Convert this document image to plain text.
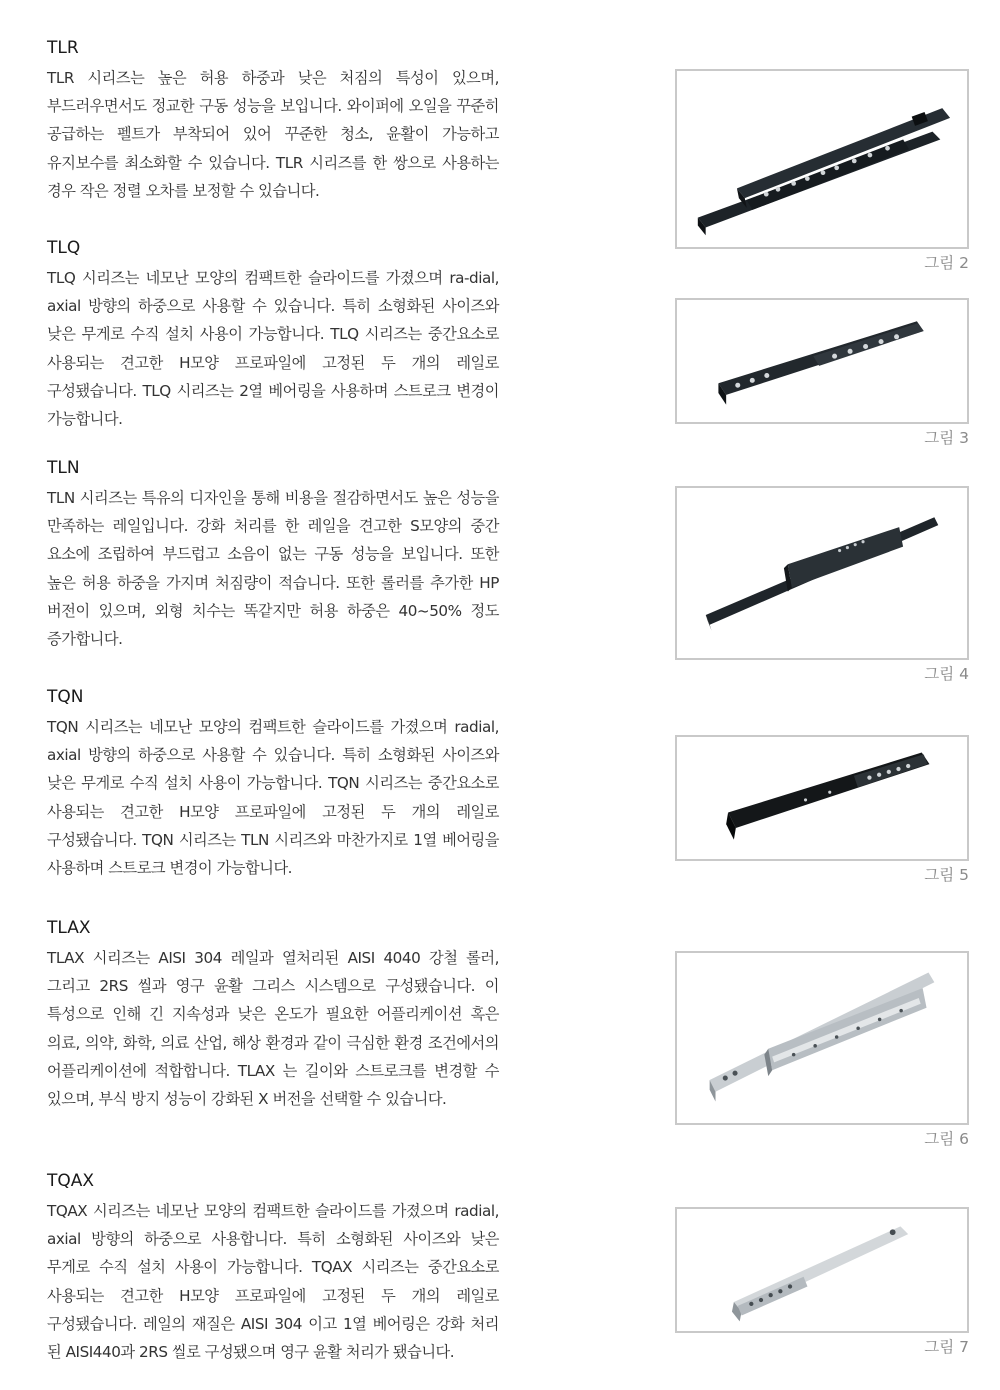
TLR

TLR 시리즈는 높은 허용 하중과 낮은 처짐의 특성이 있으며, 부드러우면서도 정교한 구동 성능을 보입니다. 와이퍼에 오일을 꾸준히 공급하는 펠트가 부착되어 있어 꾸준한 청소, 윤활이 가능하고 유지보수를 최소화할 수 있습니다. TLR 시리즈를 한 쌍으로 사용하는 경우 작은 정렬 오차를 보정할 수 있습니다.

TLQ

TLQ 시리즈는 네모난 모양의 컴팩트한 슬라이드를 가졌으며 ra-dial, axial 방향의 하중으로 사용할 수 있습니다. 특히 소형화된 사이즈와 낮은 무게로 수직 설치 사용이 가능합니다. TLQ 시리즈는 중간요소로 사용되는 견고한 H모양 프로파일에 고정된 두 개의 레일로 구성됐습니다. TLQ 시리즈는 2열 베어링을 사용하며 스트로크 변경이 가능합니다.

TLN

TLN 시리즈는 특유의 디자인을 통해 비용을 절감하면서도 높은 성능을 만족하는 레일입니다. 강화 처리를 한 레일을 견고한 S모양의 중간 요소에 조립하여 부드럽고 소음이 없는 구동 성능을 보입니다. 또한 높은 허용 하중을 가지며 처짐량이 적습니다. 또한 롤러를 추가한 HP 버전이 있으며, 외형 치수는 똑같지만 허용 하중은 40~50% 정도 증가합니다.

TQN

TQN 시리즈는 네모난 모양의 컴팩트한 슬라이드를 가졌으며 radial, axial 방향의 하중으로 사용할 수 있습니다. 특히 소형화된 사이즈와 낮은 무게로 수직 설치 사용이 가능합니다. TQN 시리즈는 중간요소로 사용되는 견고한 H모양 프로파일에 고정된 두 개의 레일로 구성됐습니다. TQN 시리즈는 TLN 시리즈와 마찬가지로 1열 베어링을 사용하며 스트로크 변경이 가능합니다.

TLAX

TLAX 시리즈는 AISI 304 레일과 열처리된 AISI 4040 강철 롤러, 그리고 2RS 씰과 영구 윤활 그리스 시스템으로 구성됐습니다. 이 특성으로 인해 긴 지속성과 낮은 온도가 필요한 어플리케이션 혹은 의료, 의약, 화학, 의료 산업, 해상 환경과 같이 극심한 환경 조건에서의 어플리케이션에 적합합니다. TLAX 는 길이와 스트로크를 변경할 수 있으며, 부식 방지 성능이 강화된 X 버전을 선택할 수 있습니다.

TQAX

TQAX 시리즈는 네모난 모양의 컴팩트한 슬라이드를 가졌으며 radial, axial 방향의 하중으로 사용합니다. 특히 소형화된 사이즈와 낮은 무게로 수직 설치 사용이 가능합니다. TQAX 시리즈는 중간요소로 사용되는 견고한 H모양 프로파일에 고정된 두 개의 레일로 구성됐습니다. 레일의 재질은 AISI 304 이고 1열 베어링은 강화 처리 된 AISI440과 2RS 씰로 구성됐으며 영구 윤활 처리가 됐습니다.

그림 2
그림 3
그림 4
그림 5
그림 6
그림 7
